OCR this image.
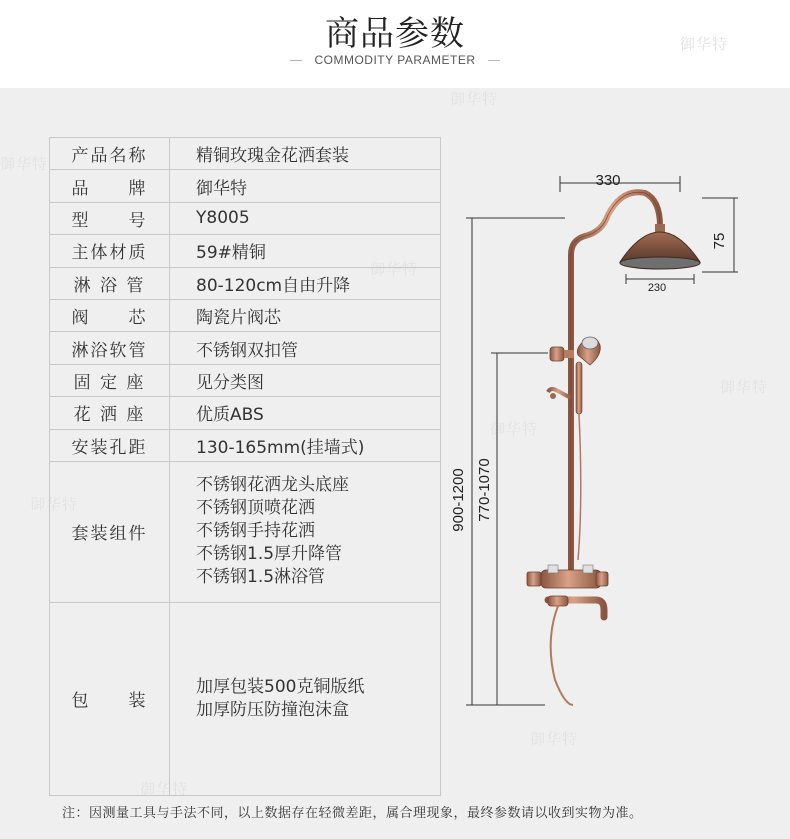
商品参数
COMMODITY PARAMETER
御华特
御华特
御华特
御华特
御华特
御华特
御华特
御华特
御华特
产品名称	精铜玫瑰金花洒套装
品　　牌	御华特
型　　号	Y8005
主体材质	59#精铜
淋 浴 管	80-120cm自由升降
阀　　芯	陶瓷片阀芯
淋浴软管	不锈钢双扣管
固 定 座	见分类图
花 洒 座	优质ABS
安装孔距	130-165mm(挂墙式)
套装组件	不锈钢花洒龙头底座
不锈钢顶喷花洒
不锈钢手持花洒
不锈钢1.5厚升降管
不锈钢1.5淋浴管

包　　装	加厚包装500克铜版纸
加厚防压防撞泡沫盒
330
75
900-1200 770-1070
230
注：因测量工具与手法不同，以上数据存在轻微差距，属合理现象，最终参数请以收到实物为准。
